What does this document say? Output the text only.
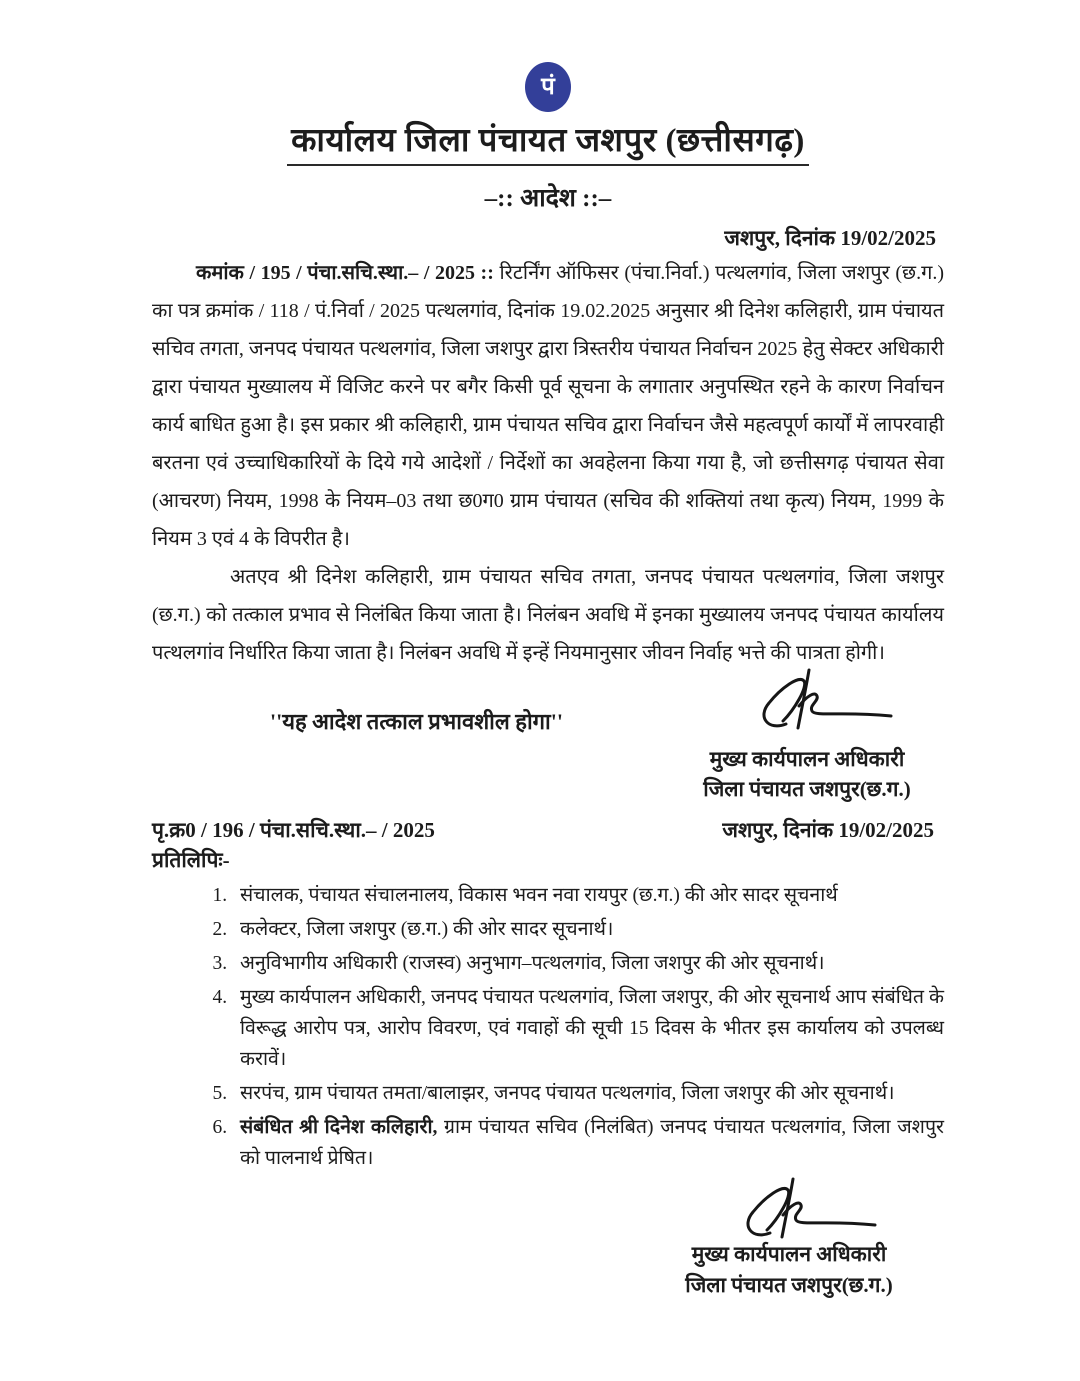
पं
कार्यालय जिला पंचायत जशपुर (छत्तीसगढ़)
–:: आदेश ::–
जशपुर, दिनांक 19/02/2025

कमांक / 195 / पंचा.सचि.स्था.– / 2025 :: रिटर्निंग ऑफिसर (पंचा.निर्वा.) पत्थलगांव, जिला जशपुर (छ.ग.) का पत्र क्रमांक / 118 / पं.निर्वा / 2025 पत्थलगांव, दिनांक 19.02.2025 अनुसार श्री दिनेश कलिहारी, ग्राम पंचायत सचिव तगता, जनपद पंचायत पत्थलगांव, जिला जशपुर द्वारा त्रिस्तरीय पंचायत निर्वाचन 2025 हेतु सेक्टर अधिकारी द्वारा पंचायत मुख्यालय में विजिट करने पर बगैर किसी पूर्व सूचना के लगातार अनुपस्थित रहने के कारण निर्वाचन कार्य बाधित हुआ है। इस प्रकार श्री कलिहारी, ग्राम पंचायत सचिव द्वारा निर्वाचन जैसे महत्वपूर्ण कार्यों में लापरवाही बरतना एवं उच्चाधिकारियों के दिये गये आदेशों / निर्देशों का अवहेलना किया गया है, जो छत्तीसगढ़ पंचायत सेवा (आचरण) नियम, 1998 के नियम–03 तथा छ0ग0 ग्राम पंचायत (सचिव की शक्तियां तथा कृत्य) नियम, 1999 के नियम 3 एवं 4 के विपरीत है।

अतएव श्री दिनेश कलिहारी, ग्राम पंचायत सचिव तगता, जनपद पंचायत पत्थलगांव, जिला जशपुर (छ.ग.) को तत्काल प्रभाव से निलंबित किया जाता है। निलंबन अवधि में इनका मुख्यालय जनपद पंचायत कार्यालय पत्थलगांव निर्धारित किया जाता है। निलंबन अवधि में इन्हें नियमानुसार जीवन निर्वाह भत्ते की पात्रता होगी।

''यह आदेश तत्काल प्रभावशील होगा''
मुख्य कार्यपालन अधिकारी
जिला पंचायत जशपुर(छ.ग.)
पृ.क्र0 / 196 / पंचा.सचि.स्था.– / 2025	जशपुर, दिनांक 19/02/2025
प्रतिलिपिः-
1. संचालक, पंचायत संचालनालय, विकास भवन नवा रायपुर (छ.ग.) की ओर सादर सूचनार्थ
2. कलेक्टर, जिला जशपुर (छ.ग.) की ओर सादर सूचनार्थ।
3. अनुविभागीय अधिकारी (राजस्व) अनुभाग–पत्थलगांव, जिला जशपुर की ओर सूचनार्थ।
4. मुख्य कार्यपालन अधिकारी, जनपद पंचायत पत्थलगांव, जिला जशपुर, की ओर सूचनार्थ आप संबंधित के विरूद्ध आरोप पत्र, आरोप विवरण, एवं गवाहों की सूची 15 दिवस के भीतर इस कार्यालय को उपलब्ध करावें।
5. सरपंच, ग्राम पंचायत तमता/बालाझर, जनपद पंचायत पत्थलगांव, जिला जशपुर की ओर सूचनार्थ।
6. संबंधित श्री दिनेश कलिहारी, ग्राम पंचायत सचिव (निलंबित) जनपद पंचायत पत्थलगांव, जिला जशपुर को पालनार्थ प्रेषित।
मुख्य कार्यपालन अधिकारी
जिला पंचायत जशपुर(छ.ग.)
